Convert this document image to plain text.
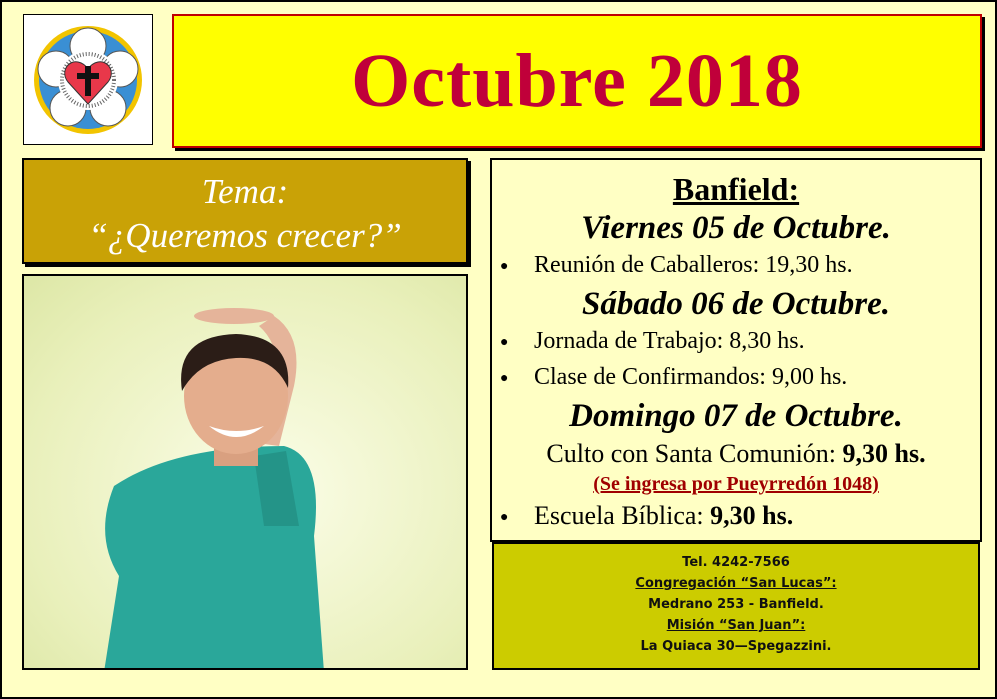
Octubre 2018
Tema:
“¿Queremos crecer?”
Banfield:
Viernes 05 de Octubre.
● Reunión de Caballeros: 19,30 hs.
Sábado 06 de Octubre.
● Jornada de Trabajo: 8,30 hs.
● Clase de Confirmandos: 9,00 hs.
Domingo 07 de Octubre.
Culto con Santa Comunión: 9,30 hs.
(Se ingresa por Pueyrredón 1048)
● Escuela Bíblica: 9,30 hs.
Tel. 4242-7566
Congregación “San Lucas”:
Medrano 253 - Banfield.
Misión “San Juan”:
La Quiaca 30—Spegazzini.
